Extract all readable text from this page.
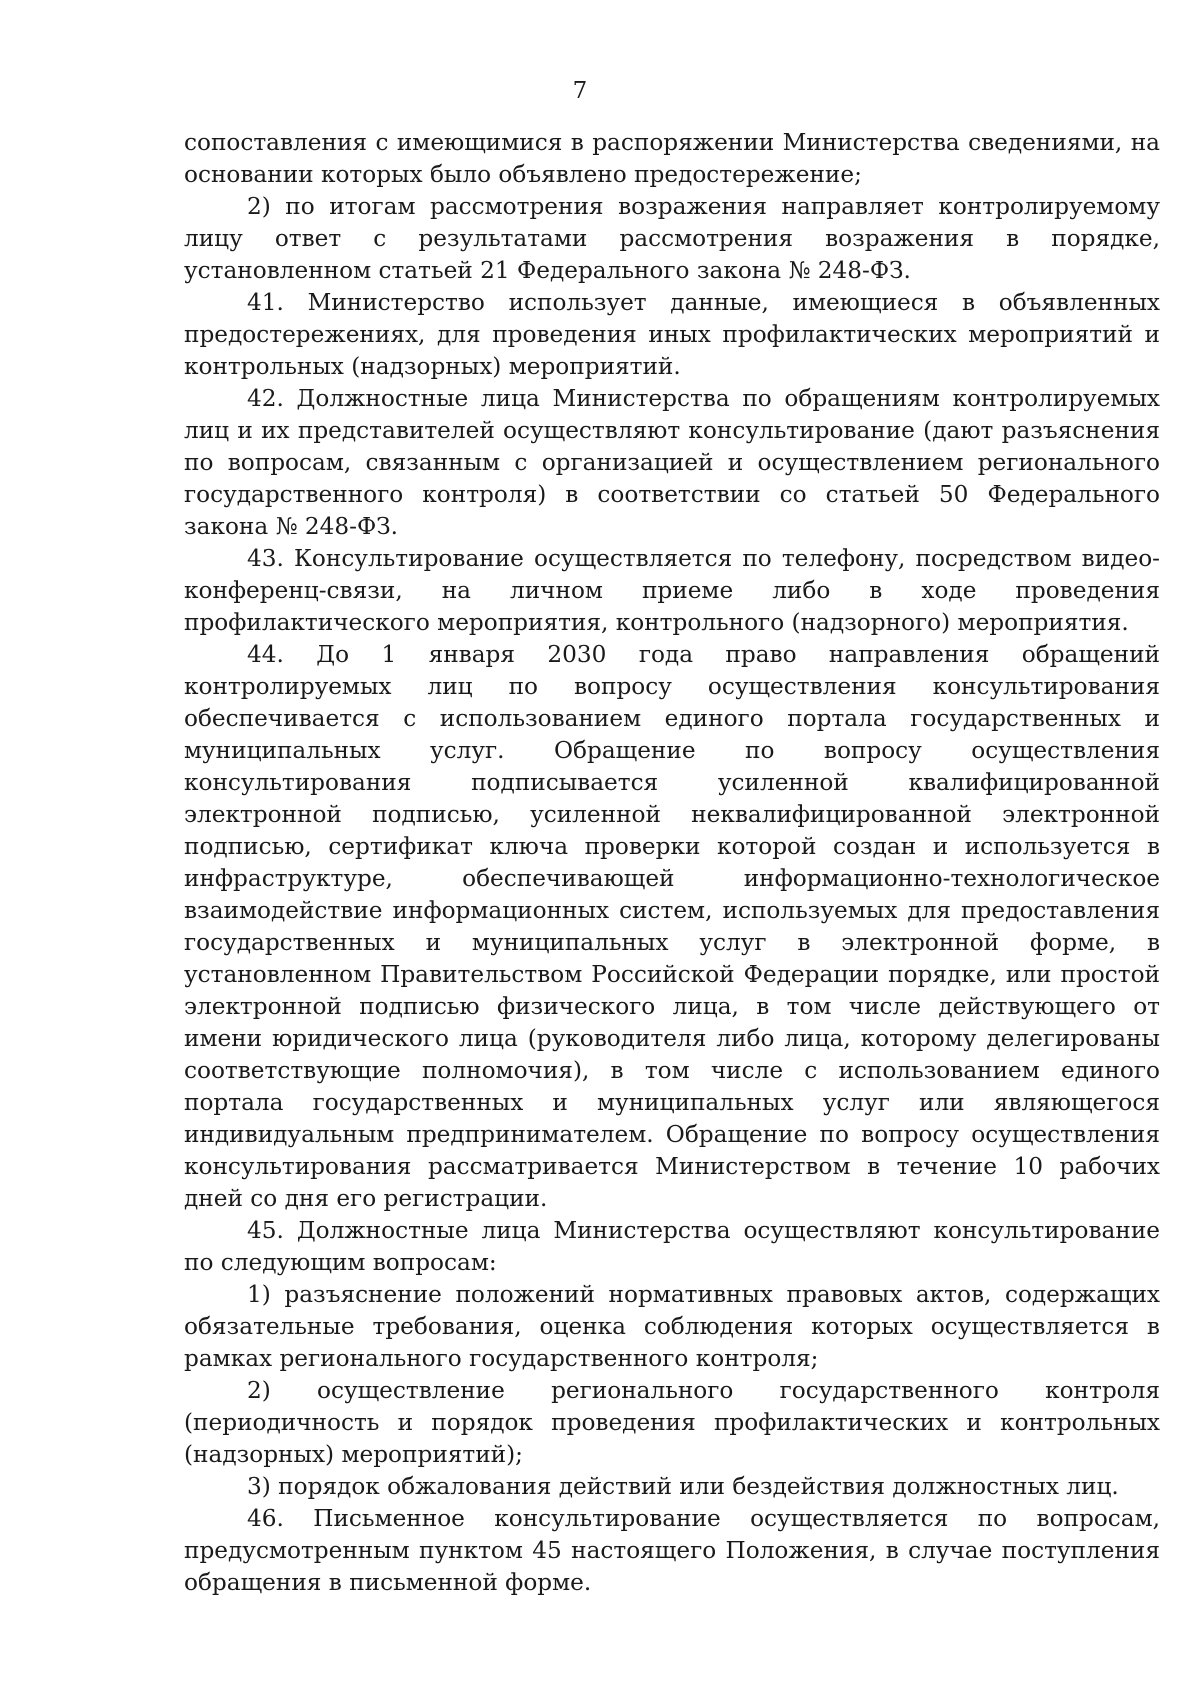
7

сопоставления с имеющимися в распоряжении Министерства сведениями, на основании которых было объявлено предостережение;

2) по итогам рассмотрения возражения направляет контролируемому лицу ответ с результатами рассмотрения возражения в порядке, установленном статьей 21 Федерального закона № 248-ФЗ.

41. Министерство использует данные, имеющиеся в объявленных предостережениях, для проведения иных профилактических мероприятий и контрольных (надзорных) мероприятий.

42. Должностные лица Министерства по обращениям контролируемых лиц и их представителей осуществляют консультирование (дают разъяснения по вопросам, связанным с организацией и осуществлением регионального государственного контроля) в соответствии со статьей 50 Федерального закона № 248-ФЗ.

43. Консультирование осуществляется по телефону, посредством видео-конференц-связи, на личном приеме либо в ходе проведения профилактического мероприятия, контрольного (надзорного) мероприятия.

44. До 1 января 2030 года право направления обращений контролируемых лиц по вопросу осуществления консультирования обеспечивается с использованием единого портала государственных и муниципальных услуг. Обращение по вопросу осуществления консультирования подписывается усиленной квалифицированной электронной подписью, усиленной неквалифицированной электронной подписью, сертификат ключа проверки которой создан и используется в инфраструктуре, обеспечивающей информационно-технологическое взаимодействие информационных систем, используемых для предоставления государственных и муниципальных услуг в электронной форме, в установленном Правительством Российской Федерации порядке, или простой электронной подписью физического лица, в том числе действующего от имени юридического лица (руководителя либо лица, которому делегированы соответствующие полномочия), в том числе с использованием единого портала государственных и муниципальных услуг или являющегося индивидуальным предпринимателем. Обращение по вопросу осуществления консультирования рассматривается Министерством в течение 10 рабочих дней со дня его регистрации.

45. Должностные лица Министерства осуществляют консультирование по следующим вопросам:

1) разъяснение положений нормативных правовых актов, содержащих обязательные требования, оценка соблюдения которых осуществляется в рамках регионального государственного контроля;

2) осуществление регионального государственного контроля (периодичность и порядок проведения профилактических и контрольных (надзорных) мероприятий);

3) порядок обжалования действий или бездействия должностных лиц.

46. Письменное консультирование осуществляется по вопросам, предусмотренным пунктом 45 настоящего Положения, в случае поступления обращения в письменной форме.
